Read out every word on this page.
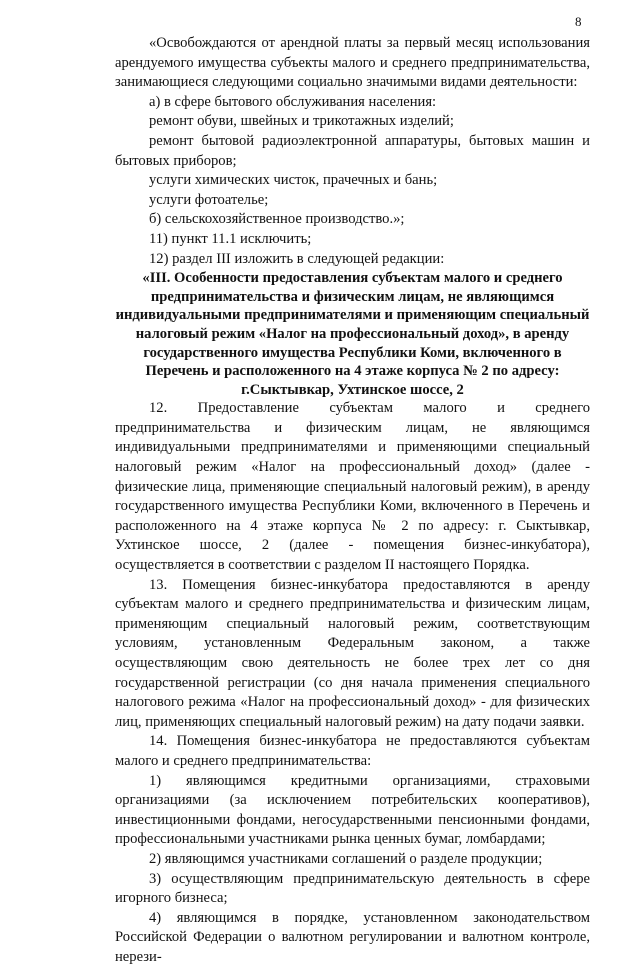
8

«Освобождаются от арендной платы за первый месяц использования арендуемого имущества субъекты малого и среднего предпринимательства, занимающиеся следующими социально значимыми видами деятельности:

а) в сфере бытового обслуживания населения:

ремонт обуви, швейных и трикотажных изделий;

ремонт бытовой радиоэлектронной аппаратуры, бытовых машин и бытовых приборов;

услуги химических чисток, прачечных и бань;

услуги фотоателье;

б) сельскохозяйственное производство.»;

11) пункт 11.1 исключить;

12) раздел III изложить в следующей редакции:

«III. Особенности предоставления субъектам малого и среднего предпринимательства и физическим лицам, не являющимся индивидуальными предпринимателями и применяющим специальный налоговый режим «Налог на профессиональный доход», в аренду государственного имущества Республики Коми, включенного в Перечень и расположенного на 4 этаже корпуса № 2 по адресу: г.Сыктывкар, Ухтинское шоссе, 2

12. Предоставление субъектам малого и среднего предпринимательства и физическим лицам, не являющимся индивидуальными предпринимателями и применяющими специальный налоговый режим «Налог на профессиональный доход» (далее - физические лица, применяющие специальный налоговый режим), в аренду государственного имущества Республики Коми, включенного в Перечень и расположенного на 4 этаже корпуса № 2 по адресу: г. Сыктывкар, Ухтинское шоссе, 2 (далее - помещения бизнес-инкубатора), осуществляется в соответствии с разделом II настоящего Порядка.

13. Помещения бизнес-инкубатора предоставляются в аренду субъектам малого и среднего предпринимательства и физическим лицам, применяющим специальный налоговый режим, соответствующим условиям, установленным Федеральным законом, а также осуществляющим свою деятельность не более трех лет со дня государственной регистрации (со дня начала применения специального налогового режима «Налог на профессиональный доход» - для физических лиц, применяющих специальный налоговый режим) на дату подачи заявки.

14. Помещения бизнес-инкубатора не предоставляются субъектам малого и среднего предпринимательства:

1) являющимся кредитными организациями, страховыми организациями (за исключением потребительских кооперативов), инвестиционными фондами, негосударственными пенсионными фондами, профессиональными участниками рынка ценных бумаг, ломбардами;

2) являющимся участниками соглашений о разделе продукции;

3) осуществляющим предпринимательскую деятельность в сфере игорного бизнеса;

4) являющимся в порядке, установленном законодательством Российской Федерации о валютном регулировании и валютном контроле, нерези-
